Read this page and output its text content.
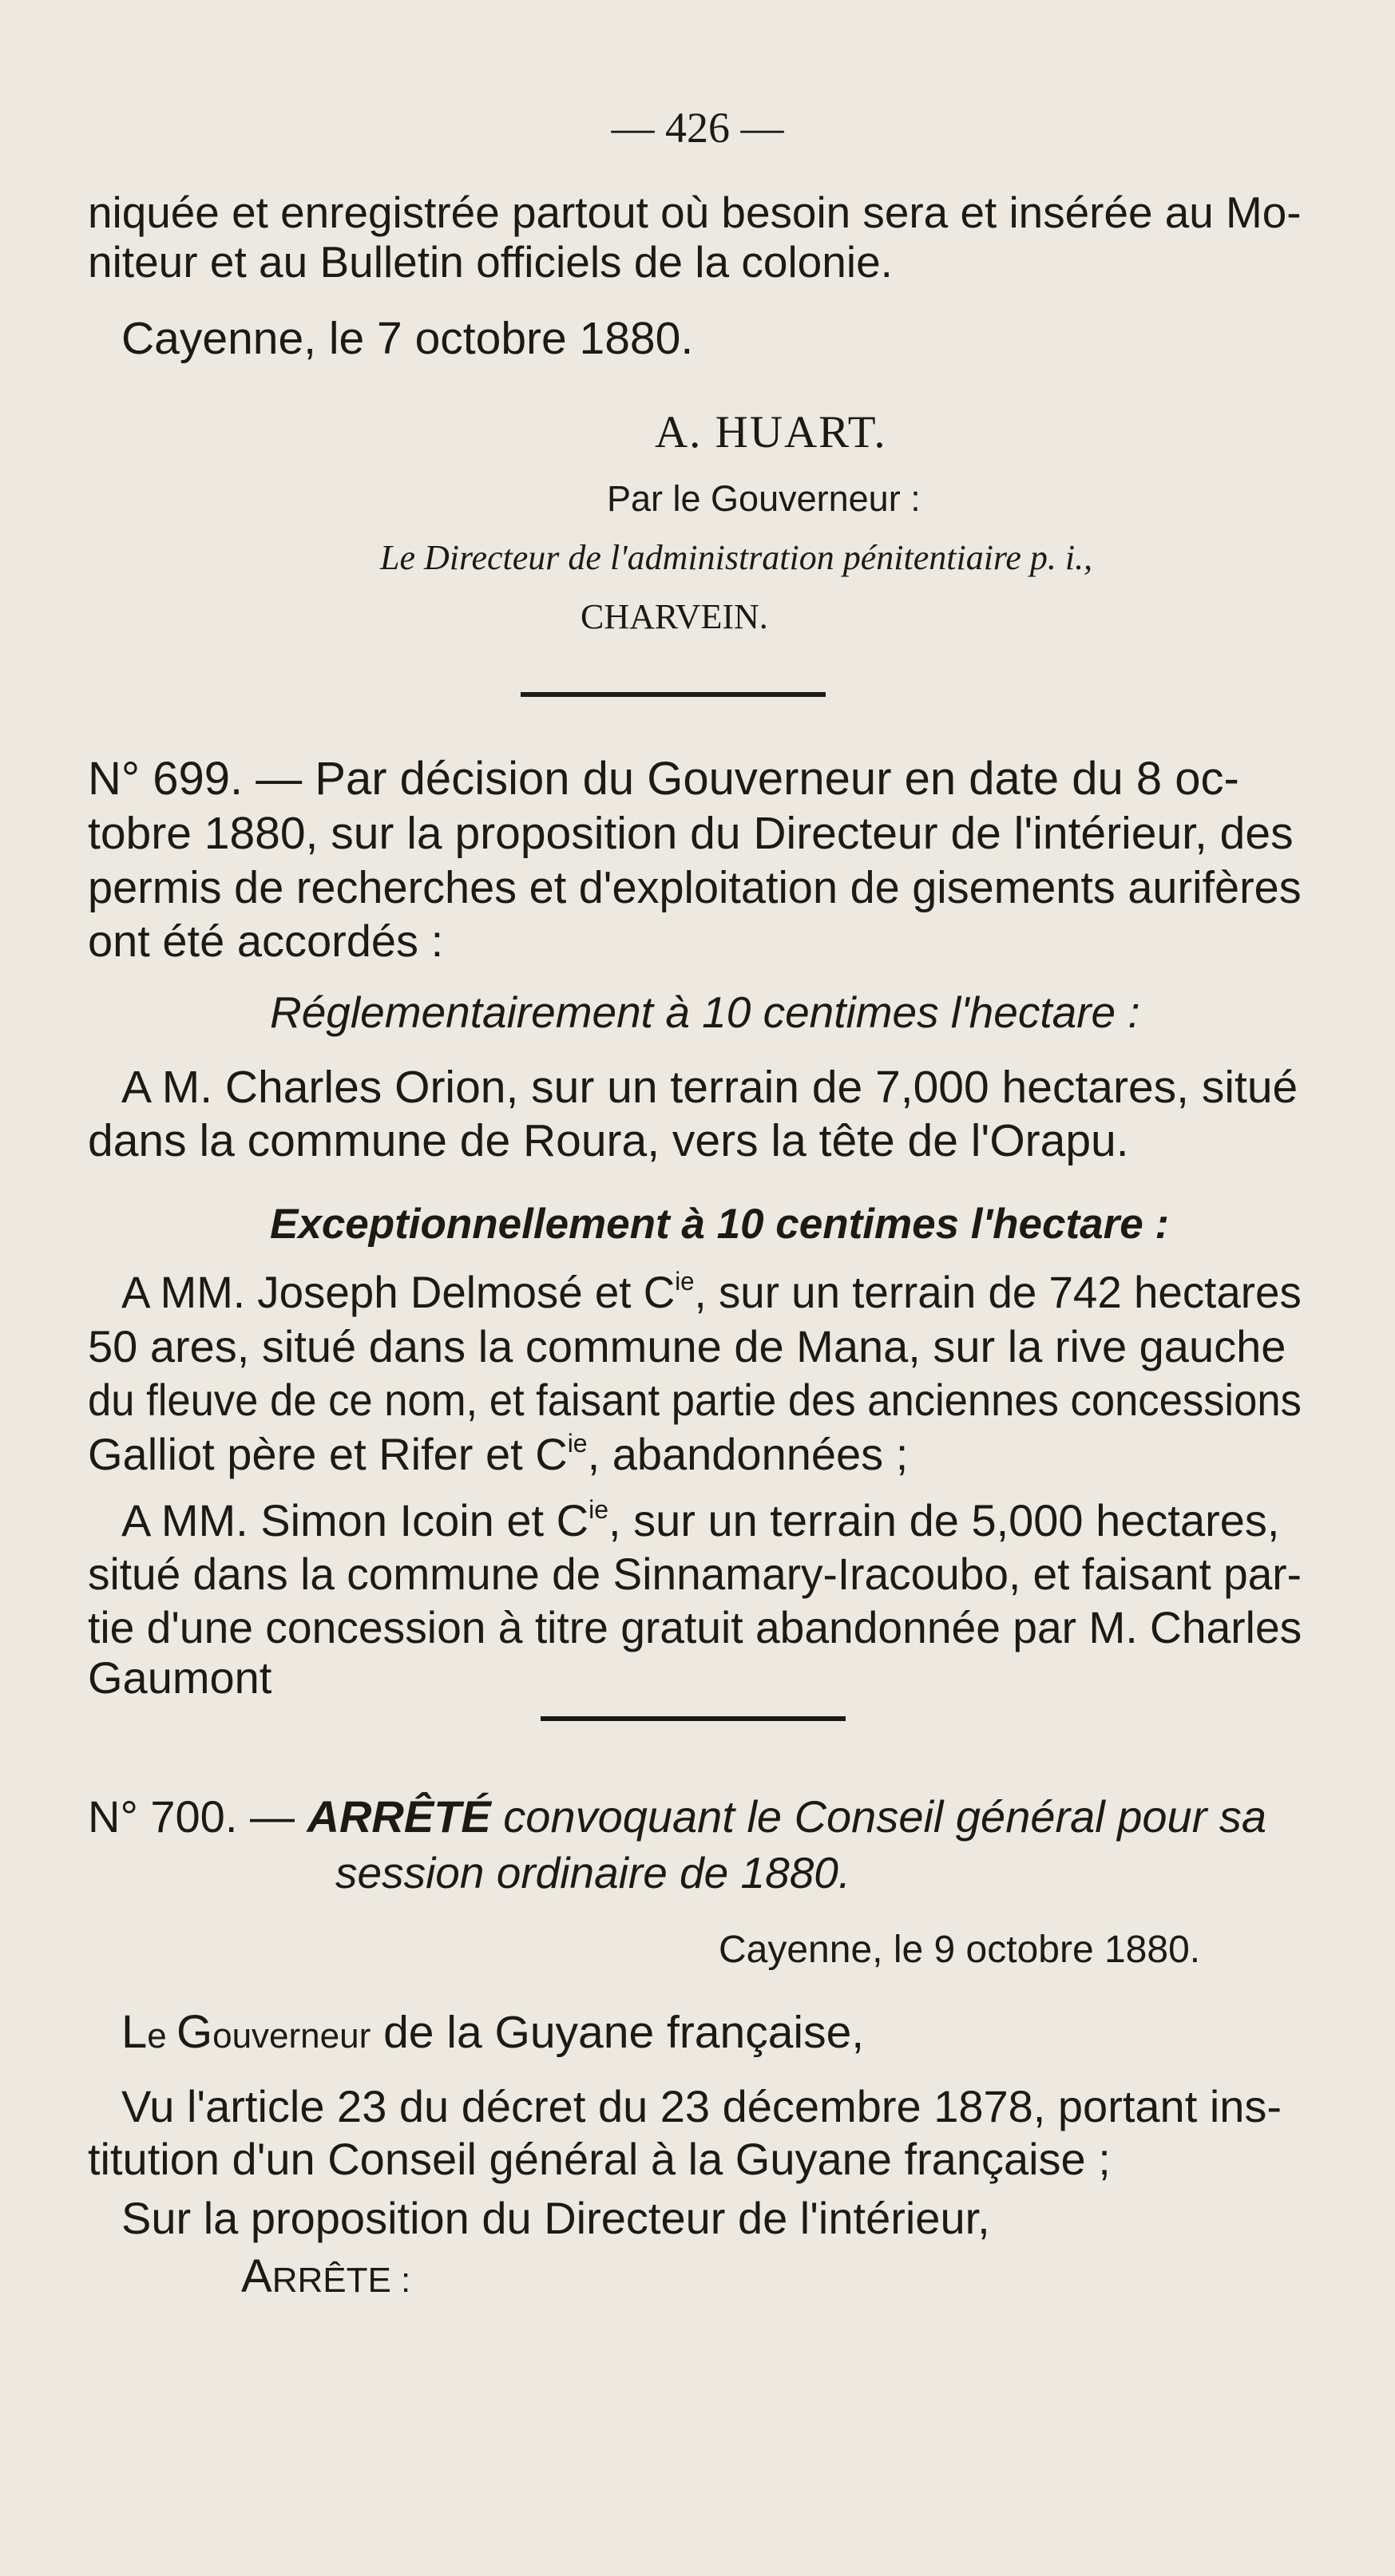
— 426 —
niquée et enregistrée partout où besoin sera et insérée au Mo-
niteur et au Bulletin officiels de la colonie.
Cayenne, le 7 octobre 1880.
A. HUART.
Par le Gouverneur :
Le Directeur de l'administration pénitentiaire p. i.,
CHARVEIN.
N° 699. — Par décision du Gouverneur en date du 8 oc-
tobre 1880, sur la proposition du Directeur de l'intérieur, des
permis de recherches et d'exploitation de gisements aurifères
ont été accordés :
Réglementairement à 10 centimes l'hectare :
A M. Charles Orion, sur un terrain de 7,000 hectares, situé
dans la commune de Roura, vers la tête de l'Orapu.
Exceptionnellement à 10 centimes l'hectare :
A MM. Joseph Delmosé et $C^{ie}$, sur un terrain de 742 hectares
50 ares, situé dans la commune de Mana, sur la rive gauche
du fleuve de ce nom, et faisant partie des anciennes concessions
Galliot père et Rifer et $C^{ie}$, abandonnées ;
A MM. Simon Icoin et $C^{ie}$, sur un terrain de 5,000 hectares,
situé dans la commune de Sinnamary-Iracoubo, et faisant par-
tie d'une concession à titre gratuit abandonnée par M. Charles
Gaumont
N° 700. — ARRÊTÉ convoquant le Conseil général pour sa
session ordinaire de 1880.
Cayenne, le 9 octobre 1880.
Le Gouverneur de la Guyane française,
Vu l'article 23 du décret du 23 décembre 1878, portant ins-
titution d'un Conseil général à la Guyane française ;
Sur la proposition du Directeur de l'intérieur,
ARRÊTE :
